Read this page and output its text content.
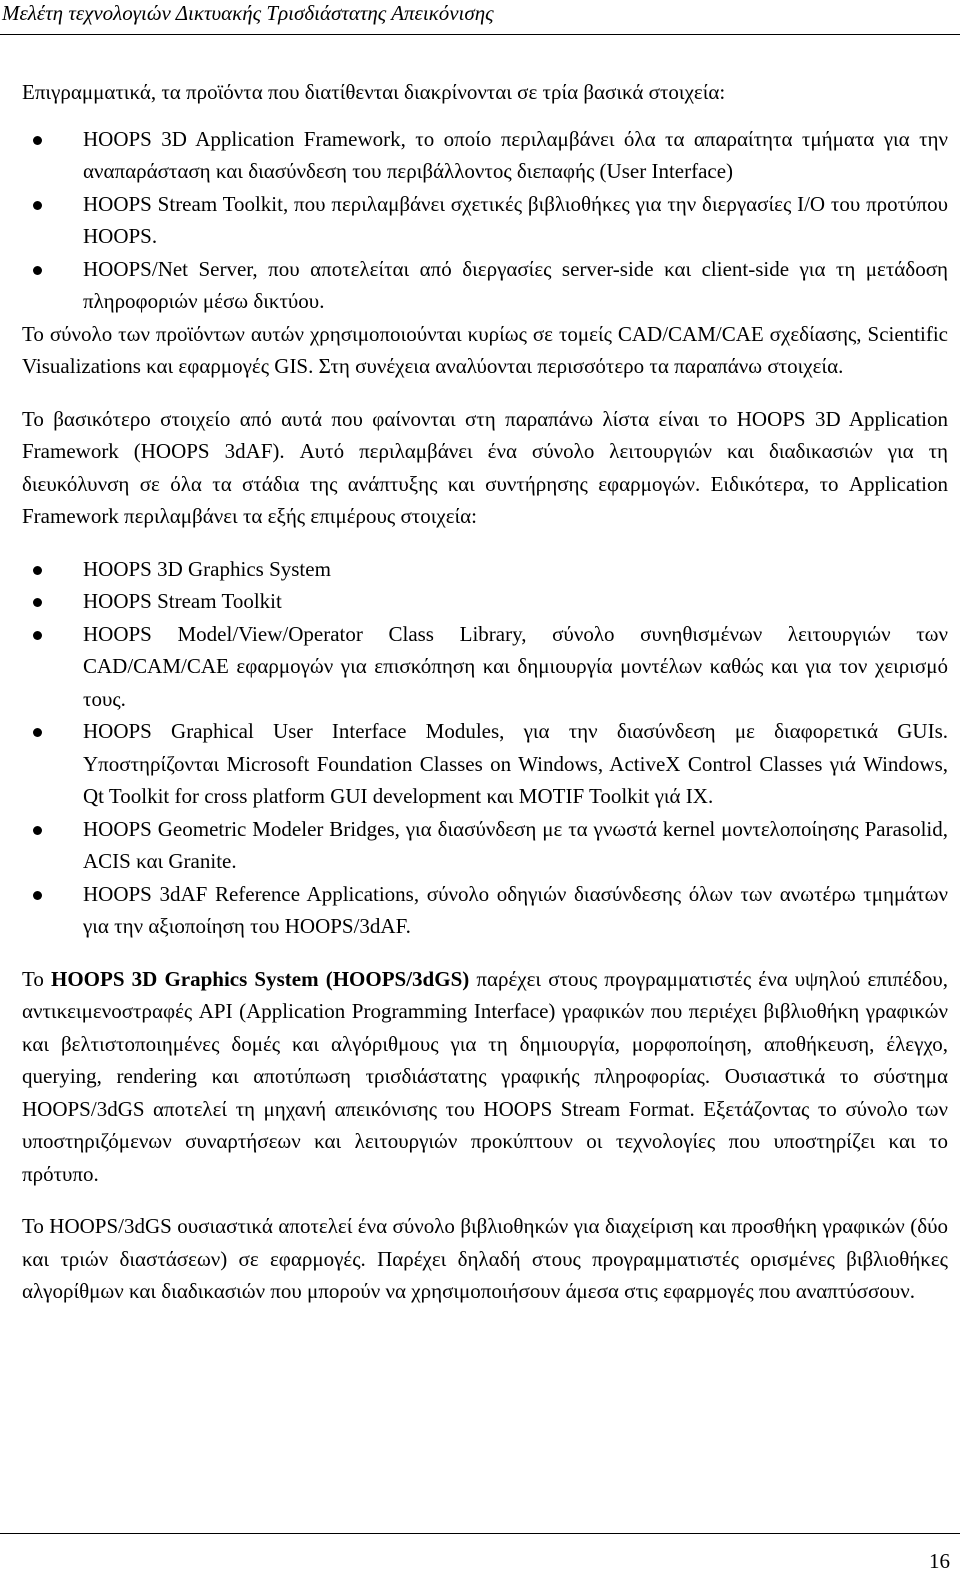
Μελέτη τεχνολογιών Δικτυακής Τρισδιάστατης Απεικόνισης

Επιγραμματικά, τα προϊόντα που διατίθενται διακρίνονται σε τρία βασικά στοιχεία:

HOOPS 3D Application Framework, το οποίο περιλαμβάνει όλα τα απαραίτητα τμήματα για την αναπαράσταση και διασύνδεση του περιβάλλοντος διεπαφής (User Interface)
HOOPS Stream Toolkit, που περιλαμβάνει σχετικές βιβλιοθήκες για την διεργασίες I/O του προτύπου HOOPS.
HOOPS/Net Server, που αποτελείται από διεργασίες server-side και client-side για τη μετάδοση πληροφοριών μέσω δικτύου.

Το σύνολο των προϊόντων αυτών χρησιμοποιούνται κυρίως σε τομείς CAD/CAM/CAE σχεδίασης, Scientific Visualizations και εφαρμογές GIS. Στη συνέχεια αναλύονται περισσότερο τα παραπάνω στοιχεία.

Το βασικότερο στοιχείο από αυτά που φαίνονται στη παραπάνω λίστα είναι το HOOPS 3D Application Framework (HOOPS 3dAF). Αυτό περιλαμβάνει ένα σύνολο λειτουργιών και διαδικασιών για τη διευκόλυνση σε όλα τα στάδια της ανάπτυξης και συντήρησης εφαρμογών. Ειδικότερα, το Application Framework περιλαμβάνει τα εξής επιμέρους στοιχεία:

HOOPS 3D Graphics System
HOOPS Stream Toolkit
HOOPS Model/View/Operator Class Library, σύνολο συνηθισμένων λειτουργιών των CAD/CAM/CAE εφαρμογών για επισκόπηση και δημιουργία μοντέλων καθώς και για τον χειρισμό τους.
HOOPS Graphical User Interface Modules, για την διασύνδεση με διαφορετικά GUIs. Υποστηρίζονται Microsoft Foundation Classes on Windows, ActiveX Control Classes γιά Windows, Qt Toolkit for cross platform GUI development και MOTIF Toolkit γιά IX.
HOOPS Geometric Modeler Bridges, για διασύνδεση με τα γνωστά kernel μοντελοποίησης Parasolid, ACIS και Granite.
HOOPS 3dAF Reference Applications, σύνολο οδηγιών διασύνδεσης όλων των ανωτέρω τμημάτων για την αξιοποίηση του HOOPS/3dAF.

Το HOOPS 3D Graphics System (HOOPS/3dGS) παρέχει στους προγραμματιστές ένα υψηλού επιπέδου, αντικειμενοστραφές API (Application Programming Interface) γραφικών που περιέχει βιβλιοθήκη γραφικών και βελτιστοποιημένες δομές και αλγόριθμους για τη δημιουργία, μορφοποίηση, αποθήκευση, έλεγχο, querying, rendering και αποτύπωση τρισδιάστατης γραφικής πληροφορίας. Ουσιαστικά το σύστημα HOOPS/3dGS αποτελεί τη μηχανή απεικόνισης του HOOPS Stream Format. Εξετάζοντας το σύνολο των υποστηριζόμενων συναρτήσεων και λειτουργιών προκύπτουν οι τεχνολογίες που υποστηρίζει και το πρότυπο.

Το HOOPS/3dGS ουσιαστικά αποτελεί ένα σύνολο βιβλιοθηκών για διαχείριση και προσθήκη γραφικών (δύο και τριών διαστάσεων) σε εφαρμογές. Παρέχει δηλαδή στους προγραμματιστές ορισμένες βιβλιοθήκες αλγορίθμων και διαδικασιών που μπορούν να χρησιμοποιήσουν άμεσα στις εφαρμογές που αναπτύσσουν.

16
